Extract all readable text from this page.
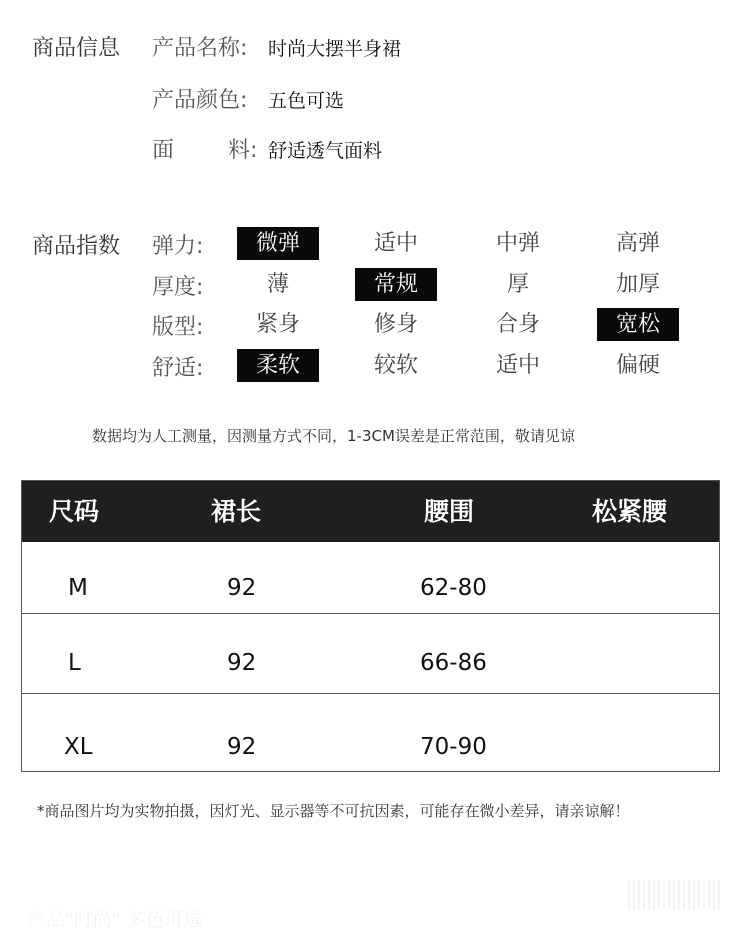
商品信息 产品名称: 时尚大摆半身裙
产品颜色: 五色可选
面 料: 舒适透气面料
商品指数 弹力:	微弹	适中	中弹	高弹
厚度:	薄	常规	厚	加厚
版型:	紧身	修身	合身	宽松
舒适:	柔软	较软	适中	偏硬
数据均为人工测量，因测量方式不同，1-3CM误差是正常范围，敬请见谅
尺码	裙长	腰围	松紧腰
M	92	62-80
L	92	66-86
XL	92	70-90
*商品图片均为实物拍摄，因灯光、显示器等不可抗因素，可能存在微小差异，请亲谅解！
产品"时尚" 多色可选
